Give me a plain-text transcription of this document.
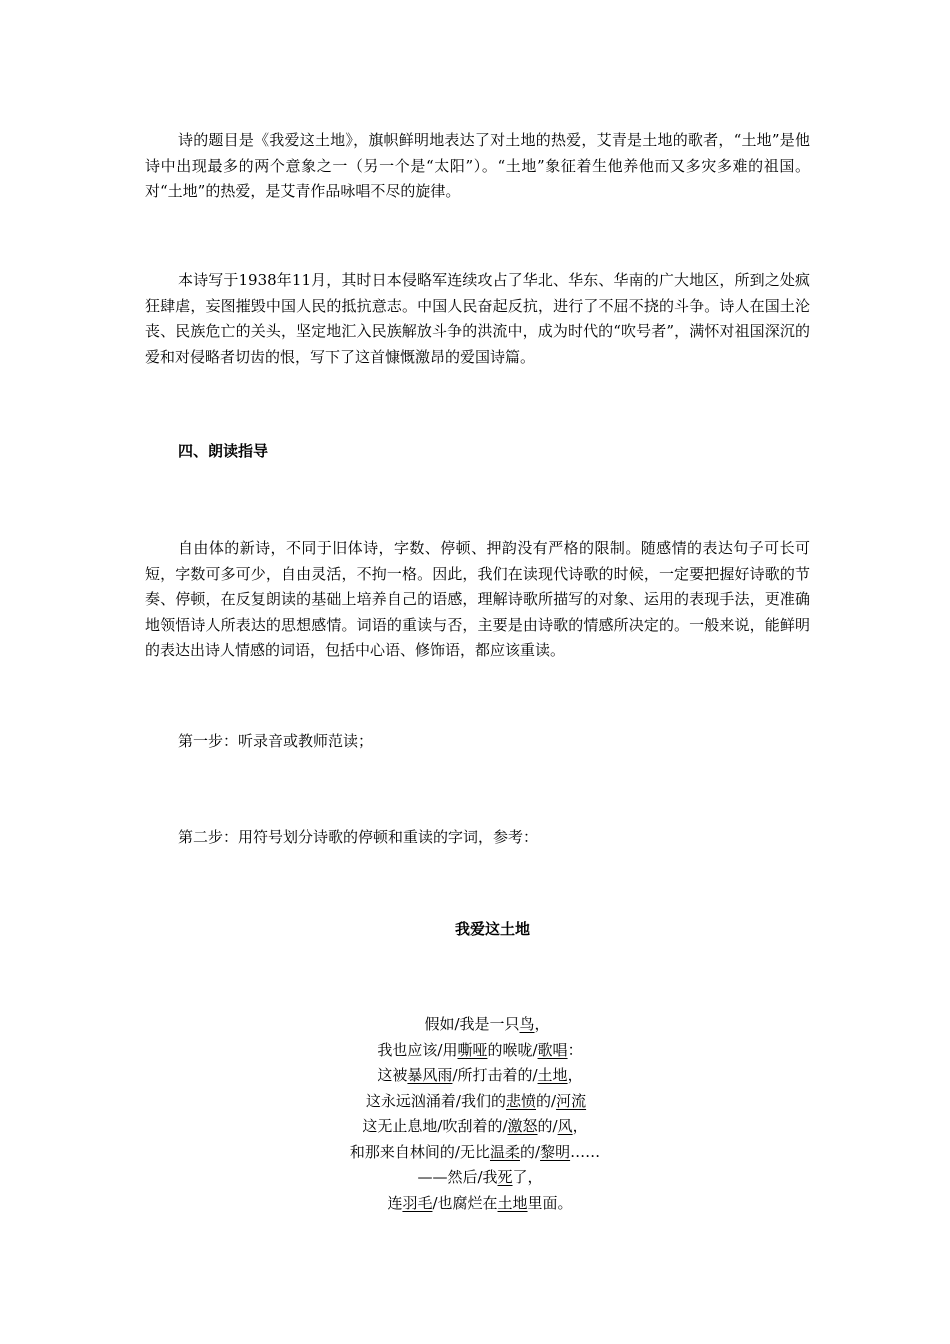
诗的题目是《我爱这土地》，旗帜鲜明地表达了对土地的热爱，艾青是土地的歌者，“土地”是他诗中出现最多的两个意象之一（另一个是“太阳”）。“土地”象征着生他养他而又多灾多难的祖国。对“土地”的热爱，是艾青作品咏唱不尽的旋律。

本诗写于1938年11月，其时日本侵略军连续攻占了华北、华东、华南的广大地区，所到之处疯狂肆虐，妄图摧毁中国人民的抵抗意志。中国人民奋起反抗，进行了不屈不挠的斗争。诗人在国土沦丧、民族危亡的关头，坚定地汇入民族解放斗争的洪流中，成为时代的“吹号者”，满怀对祖国深沉的爱和对侵略者切齿的恨，写下了这首慷慨激昂的爱国诗篇。

四、朗读指导

自由体的新诗，不同于旧体诗，字数、停顿、押韵没有严格的限制。随感情的表达句子可长可短，字数可多可少，自由灵活，不拘一格。因此，我们在读现代诗歌的时候，一定要把握好诗歌的节奏、停顿，在反复朗读的基础上培养自己的语感，理解诗歌所描写的对象、运用的表现手法，更准确地领悟诗人所表达的思想感情。词语的重读与否，主要是由诗歌的情感所决定的。一般来说，能鲜明的表达出诗人情感的词语，包括中心语、修饰语，都应该重读。

第一步：听录音或教师范读；

第二步：用符号划分诗歌的停顿和重读的字词，参考：

我爱这土地

假如/我是一只鸟，
我也应该/用嘶哑的喉咙/歌唱：
这被暴风雨/所打击着的/土地，
这永远汹涌着/我们的悲愤的/河流
这无止息地/吹刮着的/激怒的/风，
和那来自林间的/无比温柔的/黎明……
——然后/我死了，
连羽毛/也腐烂在土地里面。
